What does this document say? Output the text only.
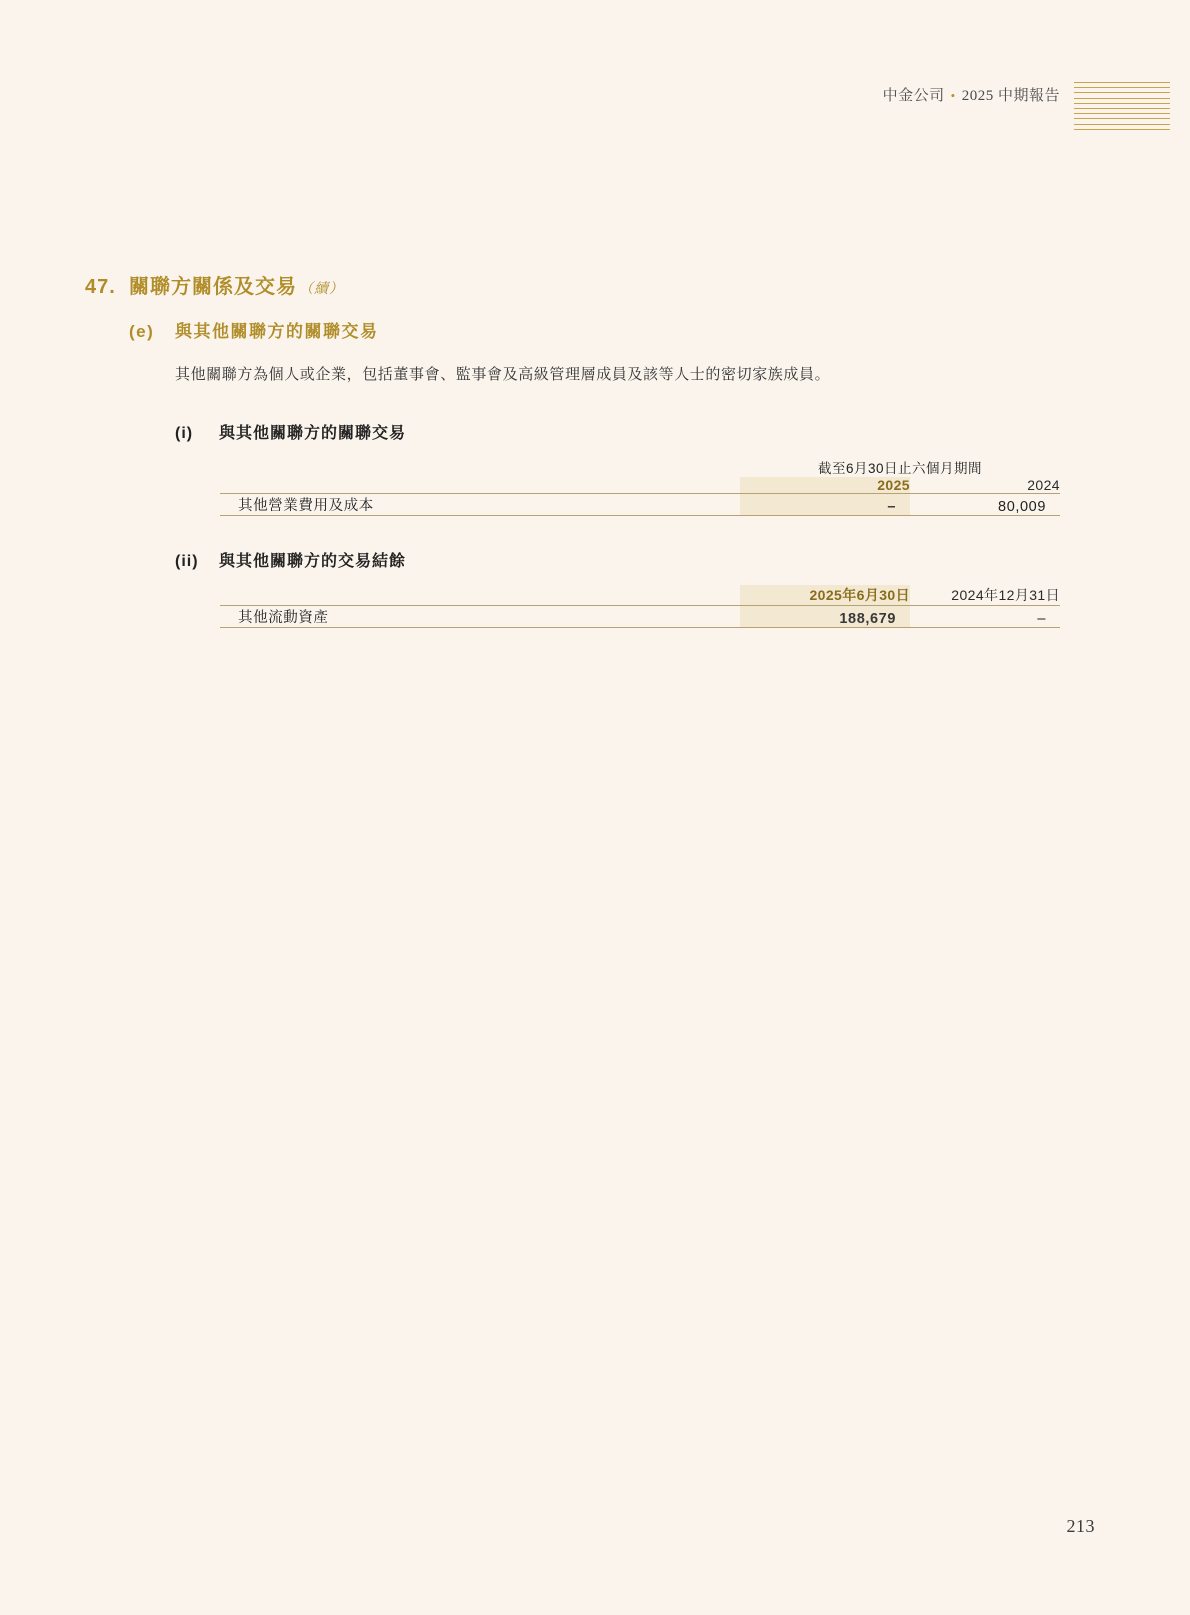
中金公司 • 2025 中期報告
47. 關聯方關係及交易 （續）
(e)	與其他關聯方的關聯交易
其他關聯方為個人或企業，包括董事會、監事會及高級管理層成員及該等人士的密切家族成員。
(i)	與其他關聯方的關聯交易
	截至6月30日止六個月期間	
	2025	2024

其他營業費用及成本	–	80,009

(ii)	與其他關聯方的交易結餘
	2025年6月30日	2024年12月31日

其他流動資產	188,679	–

213
